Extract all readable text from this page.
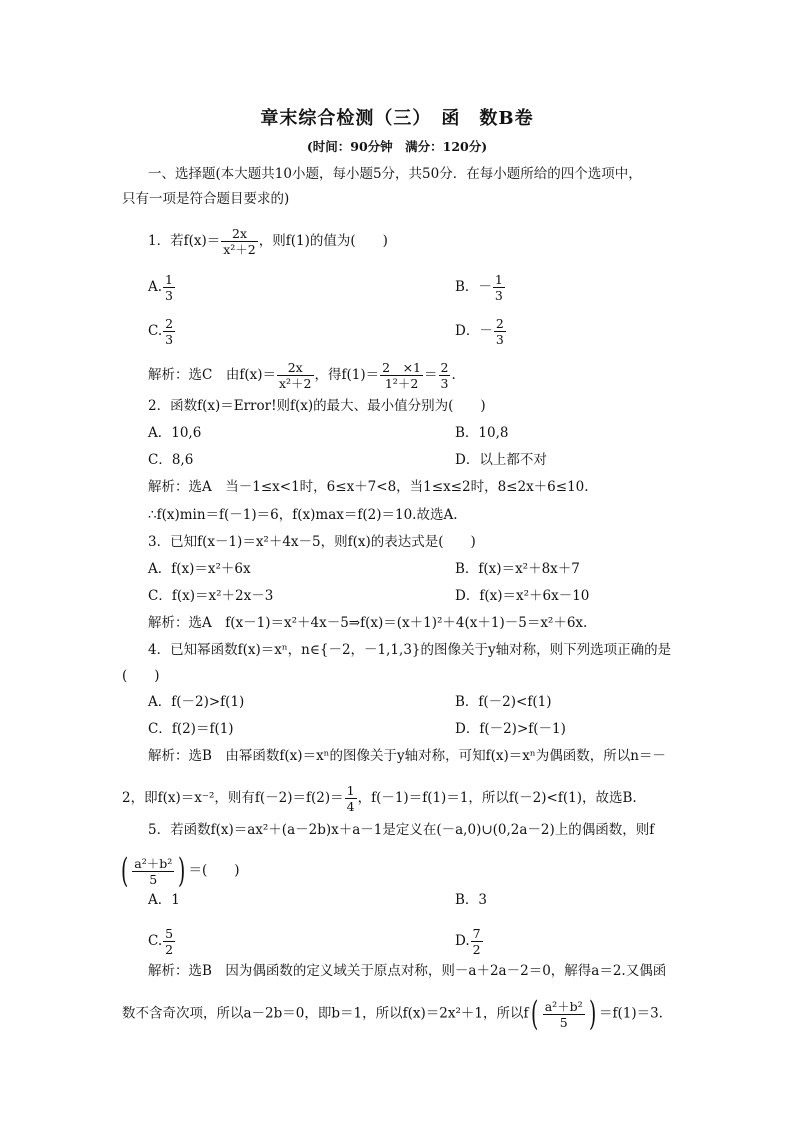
章末综合检测（三）　函　数B卷
(时间：90分钟　满分：120分)
一、选择题(本大题共10小题，每小题5分，共50分．在每小题所给的四个选项中，
只有一项是符合题目要求的)
1．若$f(x)= \frac{2x}{\text{x²＋2}}$ ，则f(1)的值为(　　)
A. $\frac{1}{3}$	B．－ $\frac{1}{3}$
C. $\frac{2}{3}$	D．－ $\frac{2}{3}$
解析：选C　由$f(x)= \frac{2x}{\text{x²＋2}}$ ，得$f(1)= \frac{2 \times 1}{\text{1²＋2}} = \frac{2}{3}$ .
2．函数f(x)＝Error!则f(x)的最大、最小值分别为(　　)
A．10,6	B．10,8
C．8,6	D．以上都不对
解析：选A　当－1≤x<1时，6≤x＋7<8，当1≤x≤2时，8≤2x＋6≤10.
∴f(x)min＝f(－1)＝6，f(x)max＝f(2)＝10.故选A.
3．已知f(x－1)＝x²＋4x－5，则f(x)的表达式是(　　)
A．f(x)＝x²＋6x	B．f(x)＝x²＋8x＋7
C．f(x)＝x²＋2x－3	D．f(x)＝x²＋6x－10
解析：选A　f(x－1)＝x²＋4x－5⇒f(x)＝(x＋1)²＋4(x＋1)－5＝x²＋6x.
4．已知幂函数f(x)＝xⁿ，n∈{－2，－1,1,3}的图像关于y轴对称，则下列选项正确的是
(　　)
A．f(－2)>f(1)	B．f(－2)<f(1)
C．f(2)＝f(1)	D．f(－2)>f(－1)
解析：选B　由幂函数f(x)＝xⁿ的图像关于y轴对称，可知f(x)＝xⁿ为偶函数，所以n＝－
2，即f(x)＝x⁻²，则有$f(-2)=f(2)= \frac{1}{4}$ ，f(－1)＝f(1)＝1，所以f(－2)<f(1)，故选B.
5．若函数f(x)＝ax²＋(a－2b)x＋a－1是定义在(－a,0)∪(0,2a－2)上的偶函数，则f
( $\frac{\text{a²＋b²}}{5}$ ) ＝(　　)
A．1	B．3
C. $\frac{5}{2}$	D. $\frac{7}{2}$
解析：选B　因为偶函数的定义域关于原点对称，则－a＋2a－2＝0，解得a＝2.又偶函
数不含奇次项，所以a－2b＝0，即b＝1，所以f(x)＝2x²＋1，所以$f( \frac{\text{a²＋b²}}{5}$ ) ＝f(1)＝3.
